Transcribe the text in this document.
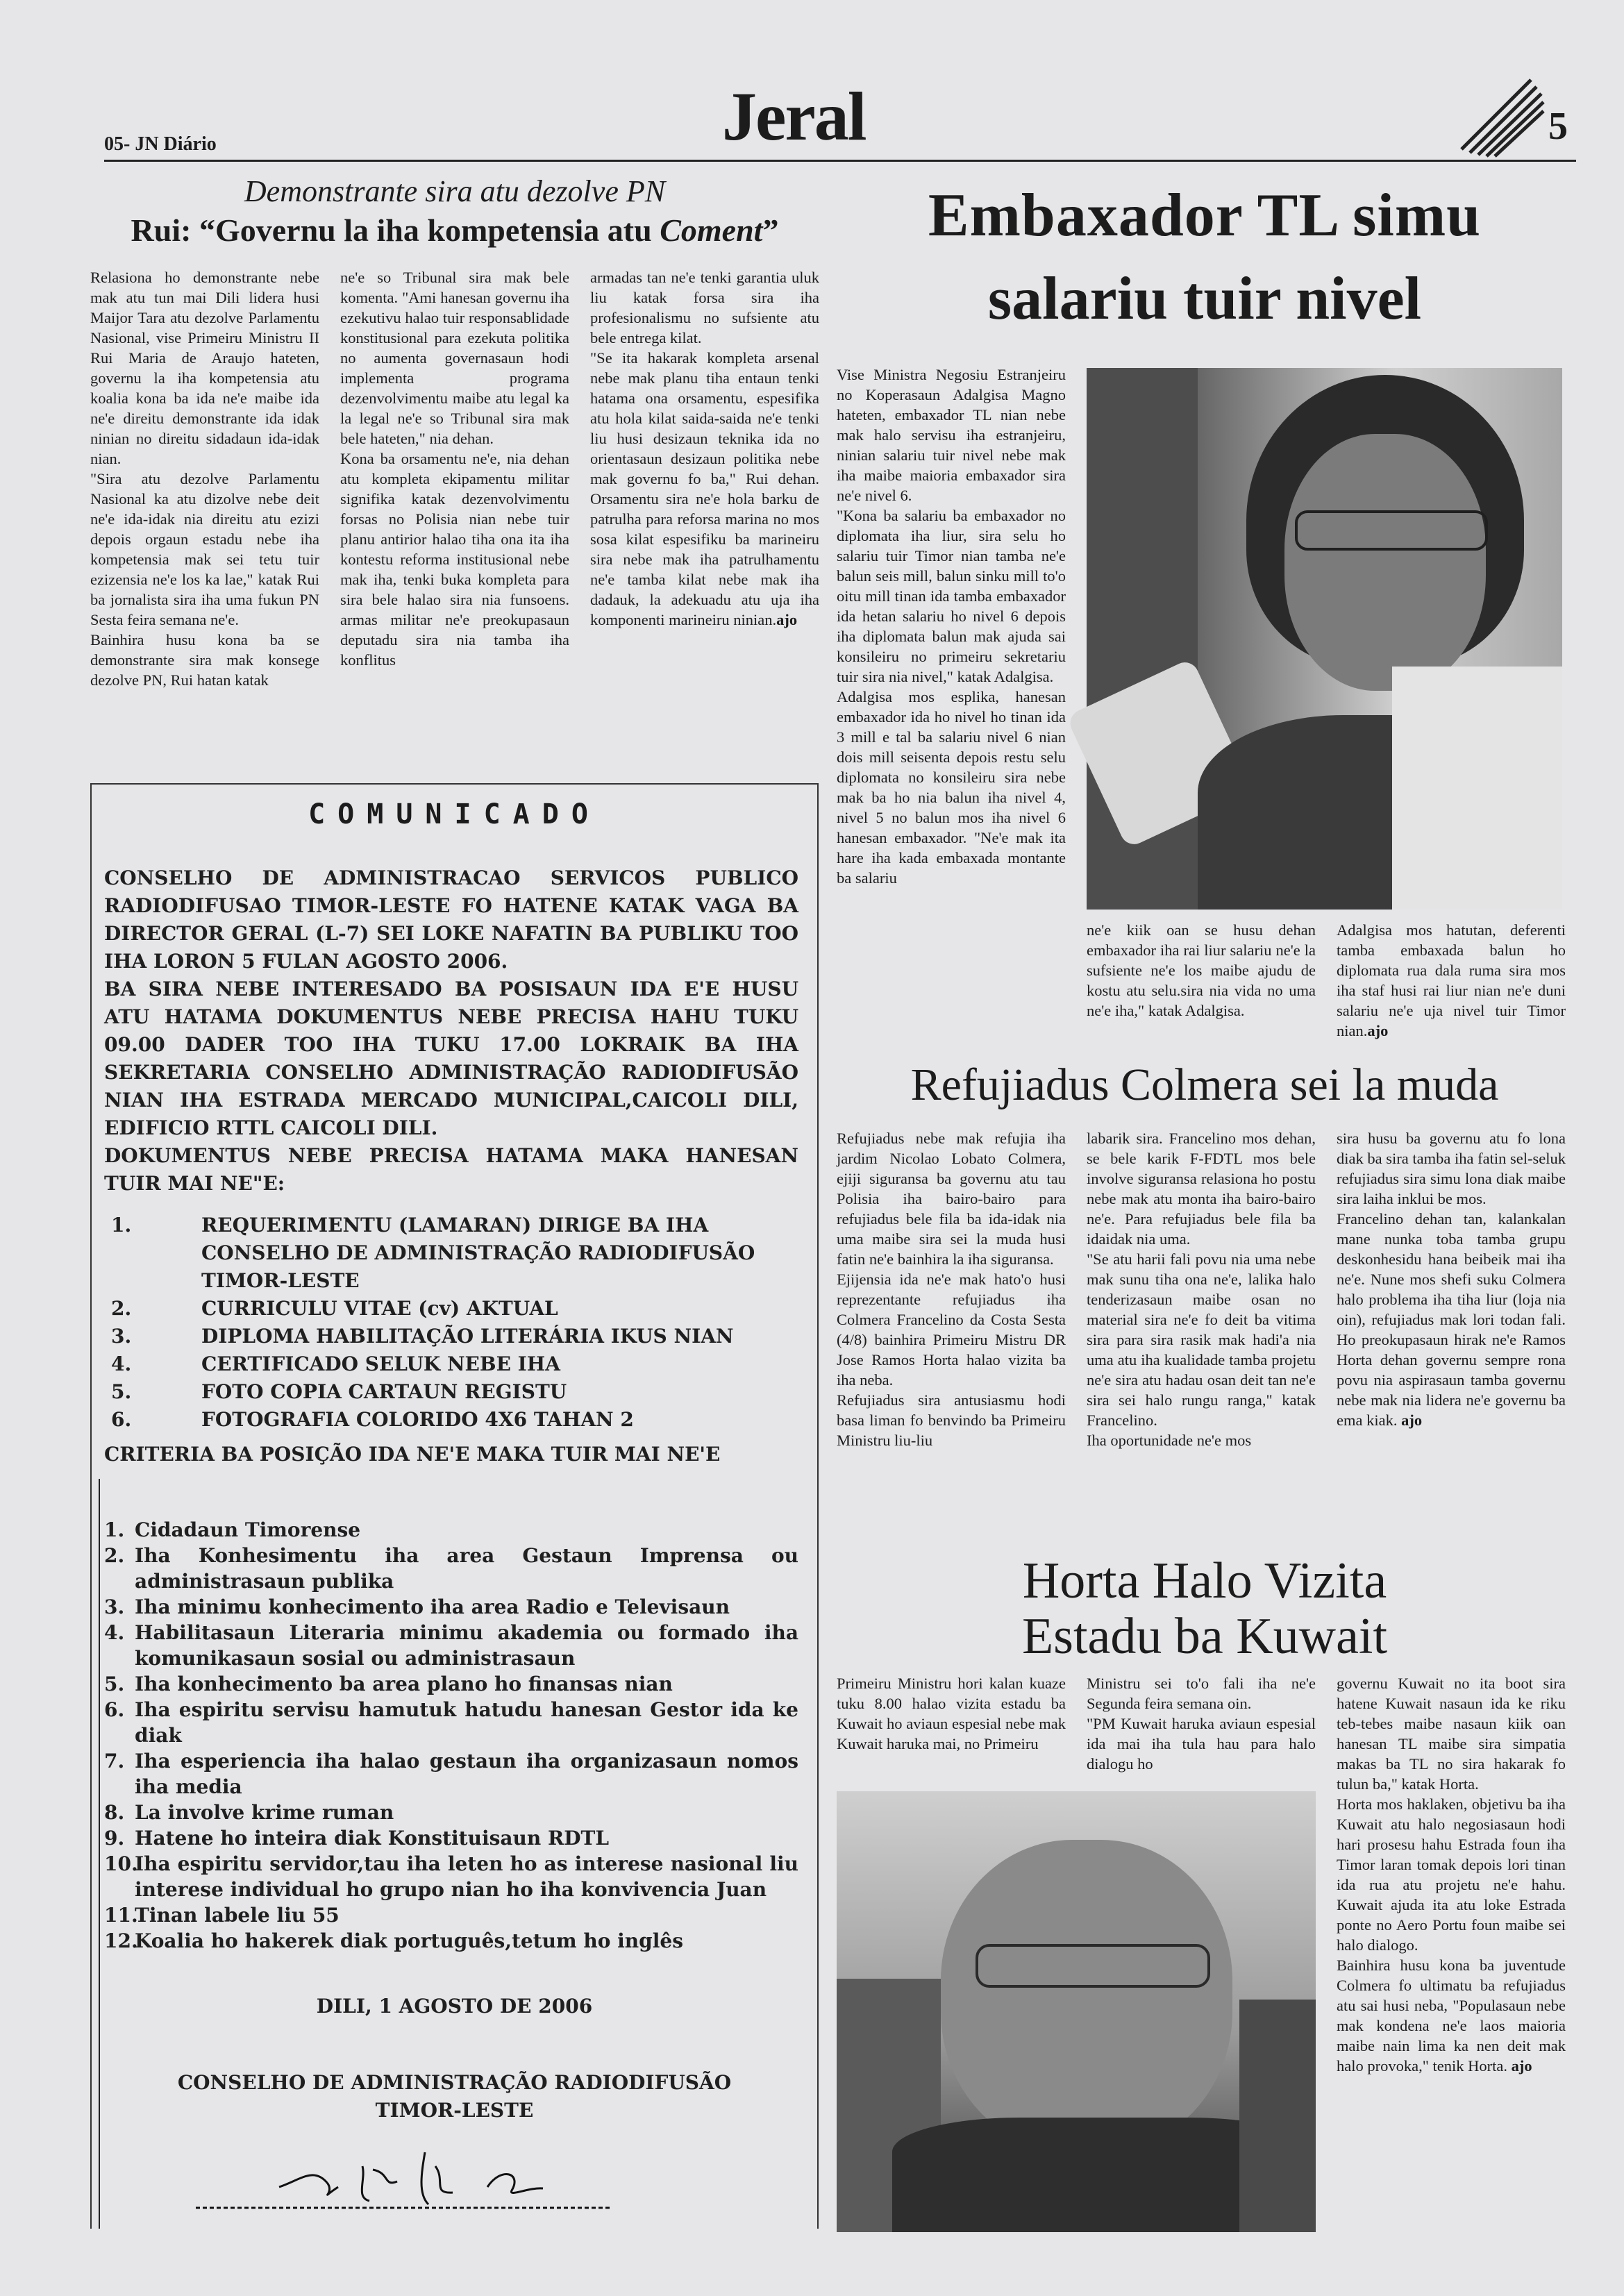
05- JN Diário	Jeral	5
Demonstrante sira atu dezolve PN
Rui: “Governu la iha kompetensia atu Coment”
Relasiona ho demonstrante nebe mak atu tun mai Dili lidera husi Maijor Tara atu dezolve Parlamentu Nasional, vise Primeiru Ministru II Rui Maria de Araujo hateten, governu la iha kompetensia atu koalia kona ba ida ne'e maibe ida ne'e direitu demonstrante ida idak ninian no direitu sidadaun ida-idak nian.
"Sira atu dezolve Parlamentu Nasional ka atu dizolve nebe deit ne'e ida-idak nia direitu atu ezizi depois orgaun estadu nebe iha kompetensia mak sei tetu tuir ezizensia ne'e los ka lae," katak Rui ba jornalista sira iha uma fukun PN Sesta feira semana ne'e.
Bainhira husu kona ba se demonstrante sira mak konsege dezolve PN, Rui hatan katak
ne'e so Tribunal sira mak bele komenta. "Ami hanesan governu iha ezekutivu halao tuir responsablidade konstitusional para ezekuta politika no aumenta governasaun hodi implementa programa dezenvolvimentu maibe atu legal ka la legal ne'e so Tribunal sira mak bele hateten," nia dehan.
Kona ba orsamentu ne'e, nia dehan atu kompleta ekipamentu militar signifika katak dezenvolvimentu forsas no Polisia nian nebe tuir planu antirior halao tiha ona ita iha kontestu reforma institusional nebe mak iha, tenki buka kompleta para sira bele halao sira nia funsoens. armas militar ne'e preokupasaun deputadu sira nia tamba iha konflitus
armadas tan ne'e tenki garantia uluk liu katak forsa sira iha profesionalismu no sufsiente atu bele entrega kilat.
"Se ita hakarak kompleta arsenal nebe mak planu tiha entaun tenki hatama ona orsamentu, espesifika atu hola kilat saida-saida ne'e tenki liu husi desizaun teknika ida no orientasaun desizaun politika nebe mak governu fo ba," Rui dehan. Orsamentu sira ne'e hola barku de patrulha para reforsa marina no mos sosa kilat espesifiku ba marineiru sira nebe mak iha patrulhamentu ne'e tamba kilat nebe mak iha dadauk, la adekuadu atu uja iha komponenti marineiru ninian.ajo
COMUNICADO
CONSELHO DE ADMINISTRACAO SERVICOS PUBLICO RADIODIFUSAO TIMOR-LESTE FO HATENE KATAK VAGA BA DIRECTOR GERAL (L-7) SEI LOKE NAFATIN BA PUBLIKU TOO IHA LORON 5 FULAN AGOSTO 2006.
BA SIRA NEBE INTERESADO BA POSISAUN IDA E'E HUSU ATU HATAMA DOKUMENTUS NEBE PRECISA HAHU TUKU 09.00 DADER TOO IHA TUKU 17.00 LOKRAIK BA IHA SEKRETARIA CONSELHO ADMINISTRAÇÃO RADIODIFUSÃO NIAN IHA ESTRADA MERCADO MUNICIPAL,CAICOLI DILI, EDIFICIO RTTL CAICOLI DILI.
DOKUMENTUS NEBE PRECISA HATAMA MAKA HANESAN TUIR MAI NE"E:
1.	REQUERIMENTU (LAMARAN) DIRIGE BA IHA CONSELHO DE ADMINISTRAÇÃO RADIODIFUSÃO TIMOR-LESTE
2.	CURRICULU VITAE (cv) AKTUAL
3.	DIPLOMA HABILITAÇÃO LITERÁRIA IKUS NIAN
4.	CERTIFICADO SELUK NEBE IHA
5.	FOTO COPIA CARTAUN REGISTU
6.	FOTOGRAFIA COLORIDO 4X6 TAHAN 2
CRITERIA BA POSIÇÃO IDA NE'E MAKA TUIR MAI NE'E
1. Cidadaun Timorense
2. Iha Konhesimentu iha area Gestaun Imprensa ou administrasaun publika
3. Iha minimu konhecimento iha area Radio e Televisaun
4. Habilitasaun Literaria minimu akademia ou formado iha komunikasaun sosial ou administrasaun
5. Iha konhecimento ba area plano ho finansas nian
6. Iha espiritu servisu hamutuk hatudu hanesan Gestor ida ke diak
7. Iha esperiencia iha halao gestaun iha organizasaun nomos iha media
8. La involve krime ruman
9. Hatene ho inteira diak Konstituisaun RDTL
10.
Iha espiritu servidor,tau iha leten ho as interese nasional liu interese individual ho grupo nian ho iha konvivencia Juan
11.
Tinan labele liu 55
12.
Koalia ho hakerek diak português,tetum ho inglês
DILI, 1 AGOSTO DE 2006
CONSELHO DE ADMINISTRAÇÃO RADIODIFUSÃO
TIMOR-LESTE
Embaxador TL simu
salariu tuir nivel
Vise Ministra Negosiu Estranjeiru no Koperasaun Adalgisa Magno hateten, embaxador TL nian nebe mak halo servisu iha estranjeiru, ninian salariu tuir nivel nebe mak iha maibe maioria embaxador sira ne'e nivel 6.
"Kona ba salariu ba embaxador no diplomata iha liur, sira selu ho salariu tuir Timor nian tamba ne'e balun seis mill, balun sinku mill to'o oitu mill tinan ida tamba embaxador ida hetan salariu ho nivel 6 depois iha diplomata balun mak ajuda sai konsileiru no primeiru sekretariu tuir sira nia nivel," katak Adalgisa.
Adalgisa mos esplika, hanesan embaxador ida ho nivel ho tinan ida 3 mill e tal ba salariu nivel 6 nian dois mill seisenta depois restu selu diplomata no konsileiru sira nebe mak ba ho nia balun iha nivel 4, nivel 5 no balun mos iha nivel 6 hanesan embaxador. "Ne'e mak ita hare iha kada embaxada montante ba salariu
ne'e kiik oan se husu dehan embaxador iha rai liur salariu ne'e la sufsiente ne'e los maibe ajudu de kostu atu selu.sira nia vida no uma ne'e iha," katak Adalgisa.
Adalgisa mos hatutan, deferenti tamba embaxada balun ho diplomata rua dala ruma sira mos iha staf husi rai liur nian ne'e duni salariu ne'e uja nivel tuir Timor nian.ajo
Refujiadus Colmera sei la muda
Refujiadus nebe mak refujia iha jardim Nicolao Lobato Colmera, ejiji siguransa ba governu atu tau Polisia iha bairo-bairo para refujiadus bele fila ba ida-idak nia uma maibe sira sei la muda husi fatin ne'e bainhira la iha siguransa.
Ejijensia ida ne'e mak hato'o husi reprezentante refujiadus iha Colmera Francelino da Costa Sesta (4/8) bainhira Primeiru Mistru DR Jose Ramos Horta halao vizita ba iha neba.
Refujiadus sira antusiasmu hodi basa liman fo benvindo ba Primeiru Ministru liu-liu
labarik sira. Francelino mos dehan, se bele karik F-FDTL mos bele involve siguransa relasiona ho postu nebe mak atu monta iha bairo-bairo ne'e. Para refujiadus bele fila ba idaidak nia uma.
"Se atu harii fali povu nia uma nebe mak sunu tiha ona ne'e, lalika halo tenderizasaun maibe osan no material sira ne'e fo deit ba vitima sira para sira rasik mak hadi'a nia uma atu iha kualidade tamba projetu ne'e sira atu hadau osan deit tan ne'e sira sei halo rungu ranga," katak Francelino.
Iha oportunidade ne'e mos
sira husu ba governu atu fo lona diak ba sira tamba iha fatin sel-seluk refujiadus sira simu lona diak maibe sira laiha inklui be mos.
Francelino dehan tan, kalankalan mane nunka toba tamba grupu deskonhesidu hana beibeik mai iha ne'e. Nune mos shefi suku Colmera halo problema iha tiha liur (loja nia oin), refujiadus mak lori todan fali. Ho preokupasaun hirak ne'e Ramos Horta dehan governu sempre rona povu nia aspirasaun tamba governu nebe mak nia lidera ne'e governu ba ema kiak. ajo
Horta Halo Vizita
Estadu ba Kuwait
Primeiru Ministru hori kalan kuaze tuku 8.00 halao vizita estadu ba Kuwait ho aviaun espesial nebe mak Kuwait haruka mai, no Primeiru
Ministru sei to'o fali iha ne'e Segunda feira semana oin.
"PM Kuwait haruka aviaun espesial ida mai iha tula hau para halo dialogu ho
governu Kuwait no ita boot sira hatene Kuwait nasaun ida ke riku teb-tebes maibe nasaun kiik oan hanesan TL maibe sira simpatia makas ba TL no sira hakarak fo tulun ba," katak Horta.
Horta mos haklaken, objetivu ba iha Kuwait atu halo negosiasaun hodi hari prosesu hahu Estrada foun iha Timor laran tomak depois lori tinan ida rua atu projetu ne'e hahu. Kuwait ajuda ita atu loke Estrada ponte no Aero Portu foun maibe sei halo dialogo.
Bainhira husu kona ba juventude Colmera fo ultimatu ba refujiadus atu sai husi neba, "Populasaun nebe mak kondena ne'e laos maioria maibe nain lima ka nen deit mak halo provoka," tenik Horta. ajo
